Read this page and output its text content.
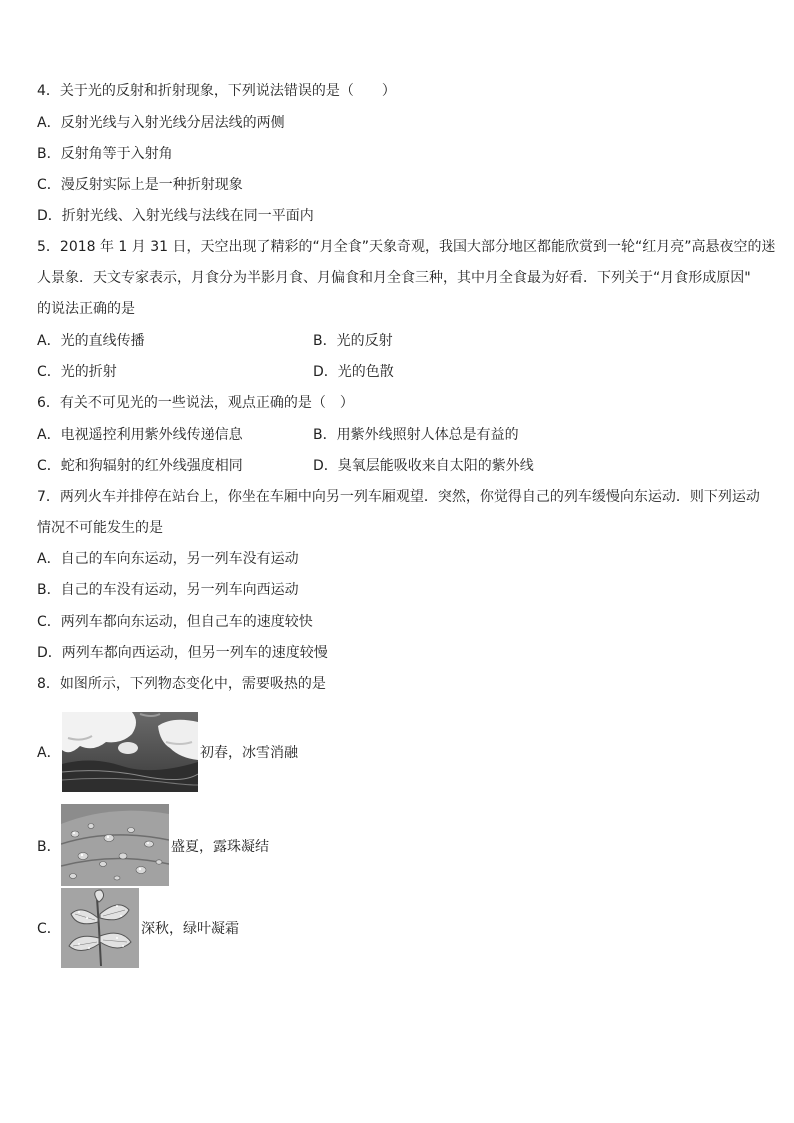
4．关于光的反射和折射现象，下列说法错误的是（　　）
A．反射光线与入射光线分居法线的两侧
B．反射角等于入射角
C．漫反射实际上是一种折射现象
D．折射光线、入射光线与法线在同一平面内
5．2018 年 1 月 31 日，天空出现了精彩的“月全食”天象奇观，我国大部分地区都能欣赏到一轮“红月亮”高悬夜空的迷
人景象．天文专家表示，月食分为半影月食、月偏食和月全食三种，其中月全食最为好看．下列关于“月食形成原因"
的说法正确的是
A．光的直线传播	B．光的反射
C．光的折射	D．光的色散
6．有关不可见光的一些说法，观点正确的是（　）
A．电视遥控利用紫外线传递信息	B．用紫外线照射人体总是有益的
C．蛇和狗辐射的红外线强度相同	D．臭氧层能吸收来自太阳的紫外线
7．两列火车并排停在站台上，你坐在车厢中向另一列车厢观望．突然，你觉得自己的列车缓慢向东运动．则下列运动
情况不可能发生的是
A．自己的车向东运动，另一列车没有运动
B．自己的车没有运动，另一列车向西运动
C．两列车都向东运动，但自己车的速度较快
D．两列车都向西运动，但另一列车的速度较慢
8．如图所示，下列物态变化中，需要吸热的是
A．	初春，冰雪消融
B．	盛夏，露珠凝结
C．	深秋，绿叶凝霜
